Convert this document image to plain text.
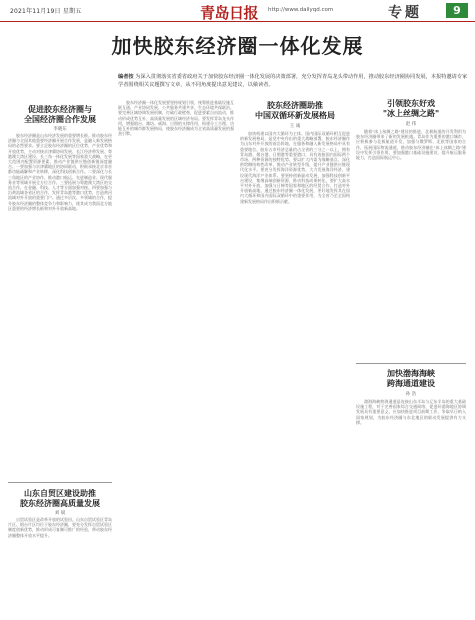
2021年11月19日 星期五	青岛日报 http://www.dailyqd.com	专题	9
加快胶东经济圈一体化发展
编者按 为深入贯彻落实省委省政府关于加快胶东经济圈一体化发展的决策部署，充分发挥青岛龙头带动作用，推动胶东经济圈协同发展，本报特邀请专家学者围绕相关议题撰写文章，从不同角度提出意见建议，以飨读者。
促进胶东经济圈与
全国经济圈合作发展
李晓东

胶东经济圈是山东经济发展的重要增长极。推动胶东经济圈与全国其他重要经济圈开展合作发展，是融入新发展格局的必然要求。要立足胶东经济圈的区位优势、产业优势和开放优势，主动对接京津冀协同发展、长江经济带发展、粤港澳大湾区建设、长三角一体化发展等国家重大战略，在更大范围内配置资源要素，推动产业链供应链创新链深度融合。一要加强与京津冀地区的协同联动，积极承接北京非首都功能疏解和产业转移，深化科技创新合作。二要深化与长三角地区的产业协作，推动港口航运、先进制造业、现代服务业等领域开展全方位合作。三要拓展与粤港澳大湾区的交流合作，在金融、科技、人才等方面加强对接。四要加强与沿黄流域各省区的合作，发挥青岛港等港口优势，打造黄河流域对外开放的重要门户。通过多层次、多领域的合作，提升胶东经济圈的整体竞争力和影响力，使其成为我国北方地区重要的经济增长极和对外开放新高地。

山东自贸区建设助推
胶东经济圈高质量发展
刘 斌

自贸试验区是改革开放的试验田。山东自贸试验区青岛片区、烟台片区均位于胶东经济圈，要充分发挥自贸试验区制度创新优势，推动形成可复制可推广的经验，带动胶东经济圈整体开放水平提升。

胶东经济圈一体化发展要坚持规划引领，统筹推进基础设施互联互通、产业协同发展、公共服务共建共享、生态环境共保联治。要完善区域协调发展机制，打破行政壁垒，促进要素自由流动，推动形成优势互补、高质量发展的区域经济布局。要发挥青岛龙头作用，增强烟台、潍坊、威海、日照的支撑作用，构建分工合理、功能互补的城市群发展格局，使胶东经济圈成为全省高质量发展的强劲引擎。

胶东经济圈助推
中国双循环新发展格局
王 诚

加快构建以国内大循环为主体、国内国际双循环相互促进的新发展格局，是党中央作出的重大战略部署。胶东经济圈作为山东对外开放的前沿阵地，在服务和融入新发展格局中具有重要地位。胶东五市经济总量约占全省的三分之一以上，拥有青岛港、烟台港、日照港等重要港口，具有连接国内国际两个市场、两种资源的独特优势。要以扩大内需为战略基点，深化供给侧结构性改革，推动产业转型升级，提升产业链供应链现代化水平。要充分发挥海洋资源优势，大力发展海洋经济，建设现代海洋产业体系。要坚持创新驱动发展，加强科技创新平台建设，集聚高端创新资源，推动科技成果转化。要扩大高水平对外开放，加强与日韩等国家和地区的经贸合作，打造对外开放新高地。通过胶东经济圈一体化发展，更好地发挥其在国内大循环和国内国际双循环中的重要作用，为全省乃至全国构建新发展格局作出积极贡献。

引领胶东好戏
"冰上丝绸之路"
赵 伟

随着"冰上丝绸之路"建设的推进，北极航道的开发利用为胶东经济圈带来了新的发展机遇。青岛作为重要的港口城市，应积极参与北极航道开发，加强与俄罗斯、北欧等国家的合作，拓展国际物流通道，推动胶东经济圈在"冰上丝绸之路"建设中发挥引领作用。要加强港口基础设施建设，提升航运服务能力，打造国际航运中心。

加快渤海海峡
跨海通道建设
孙 浩

渤海海峡跨海通道是连接山东半岛与辽东半岛的重大基础设施工程，对于完善国家综合交通网络、促进环渤海地区协调发展具有重要意义。应加快推进项目前期工作，争取早日纳入国家规划，为胶东经济圈与东北地区的联动发展提供有力支撑。
